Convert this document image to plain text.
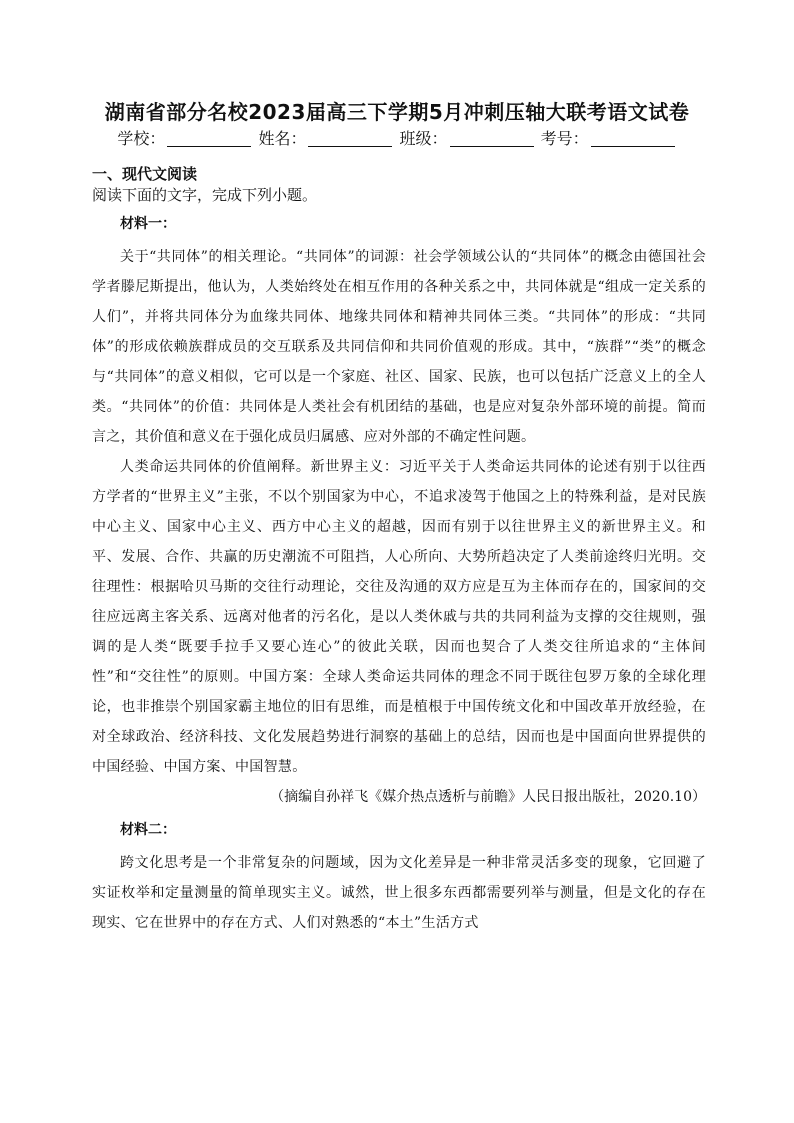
湖南省部分名校2023届高三下学期5月冲刺压轴大联考语文试卷
学校：	姓名：	班级：	考号：

一、现代文阅读

阅读下面的文字，完成下列小题。

材料一：

关于“共同体”的相关理论。“共同体”的词源：社会学领域公认的“共同体”的概念由德国社会学者滕尼斯提出，他认为，人类始终处在相互作用的各种关系之中，共同体就是“组成一定关系的人们”，并将共同体分为血缘共同体、地缘共同体和精神共同体三类。“共同体”的形成：“共同体”的形成依赖族群成员的交互联系及共同信仰和共同价值观的形成。其中，“族群”“类”的概念与“共同体”的意义相似，它可以是一个家庭、社区、国家、民族，也可以包括广泛意义上的全人类。“共同体”的价值：共同体是人类社会有机团结的基础，也是应对复杂外部环境的前提。简而言之，其价值和意义在于强化成员归属感、应对外部的不确定性问题。

人类命运共同体的价值阐释。新世界主义：习近平关于人类命运共同体的论述有别于以往西方学者的“世界主义”主张，不以个别国家为中心，不追求凌驾于他国之上的特殊利益，是对民族中心主义、国家中心主义、西方中心主义的超越，因而有别于以往世界主义的新世界主义。和平、发展、合作、共赢的历史潮流不可阻挡，人心所向、大势所趋决定了人类前途终归光明。交往理性：根据哈贝马斯的交往行动理论，交往及沟通的双方应是互为主体而存在的，国家间的交往应远离主客关系、远离对他者的污名化，是以人类休戚与共的共同利益为支撑的交往规则，强调的是人类“既要手拉手又要心连心”的彼此关联，因而也契合了人类交往所追求的“主体间性”和“交往性”的原则。中国方案：全球人类命运共同体的理念不同于既往包罗万象的全球化理论，也非推崇个别国家霸主地位的旧有思维，而是植根于中国传统文化和中国改革开放经验，在对全球政治、经济科技、文化发展趋势进行洞察的基础上的总结，因而也是中国面向世界提供的中国经验、中国方案、中国智慧。

（摘编自孙祥飞《媒介热点透析与前瞻》人民日报出版社，2020.10）

材料二：

跨文化思考是一个非常复杂的问题域，因为文化差异是一种非常灵活多变的现象，它回避了实证枚举和定量测量的简单现实主义。诚然，世上很多东西都需要列举与测量，但是文化的存在现实、它在世界中的存在方式、人们对熟悉的“本土”生活方式
